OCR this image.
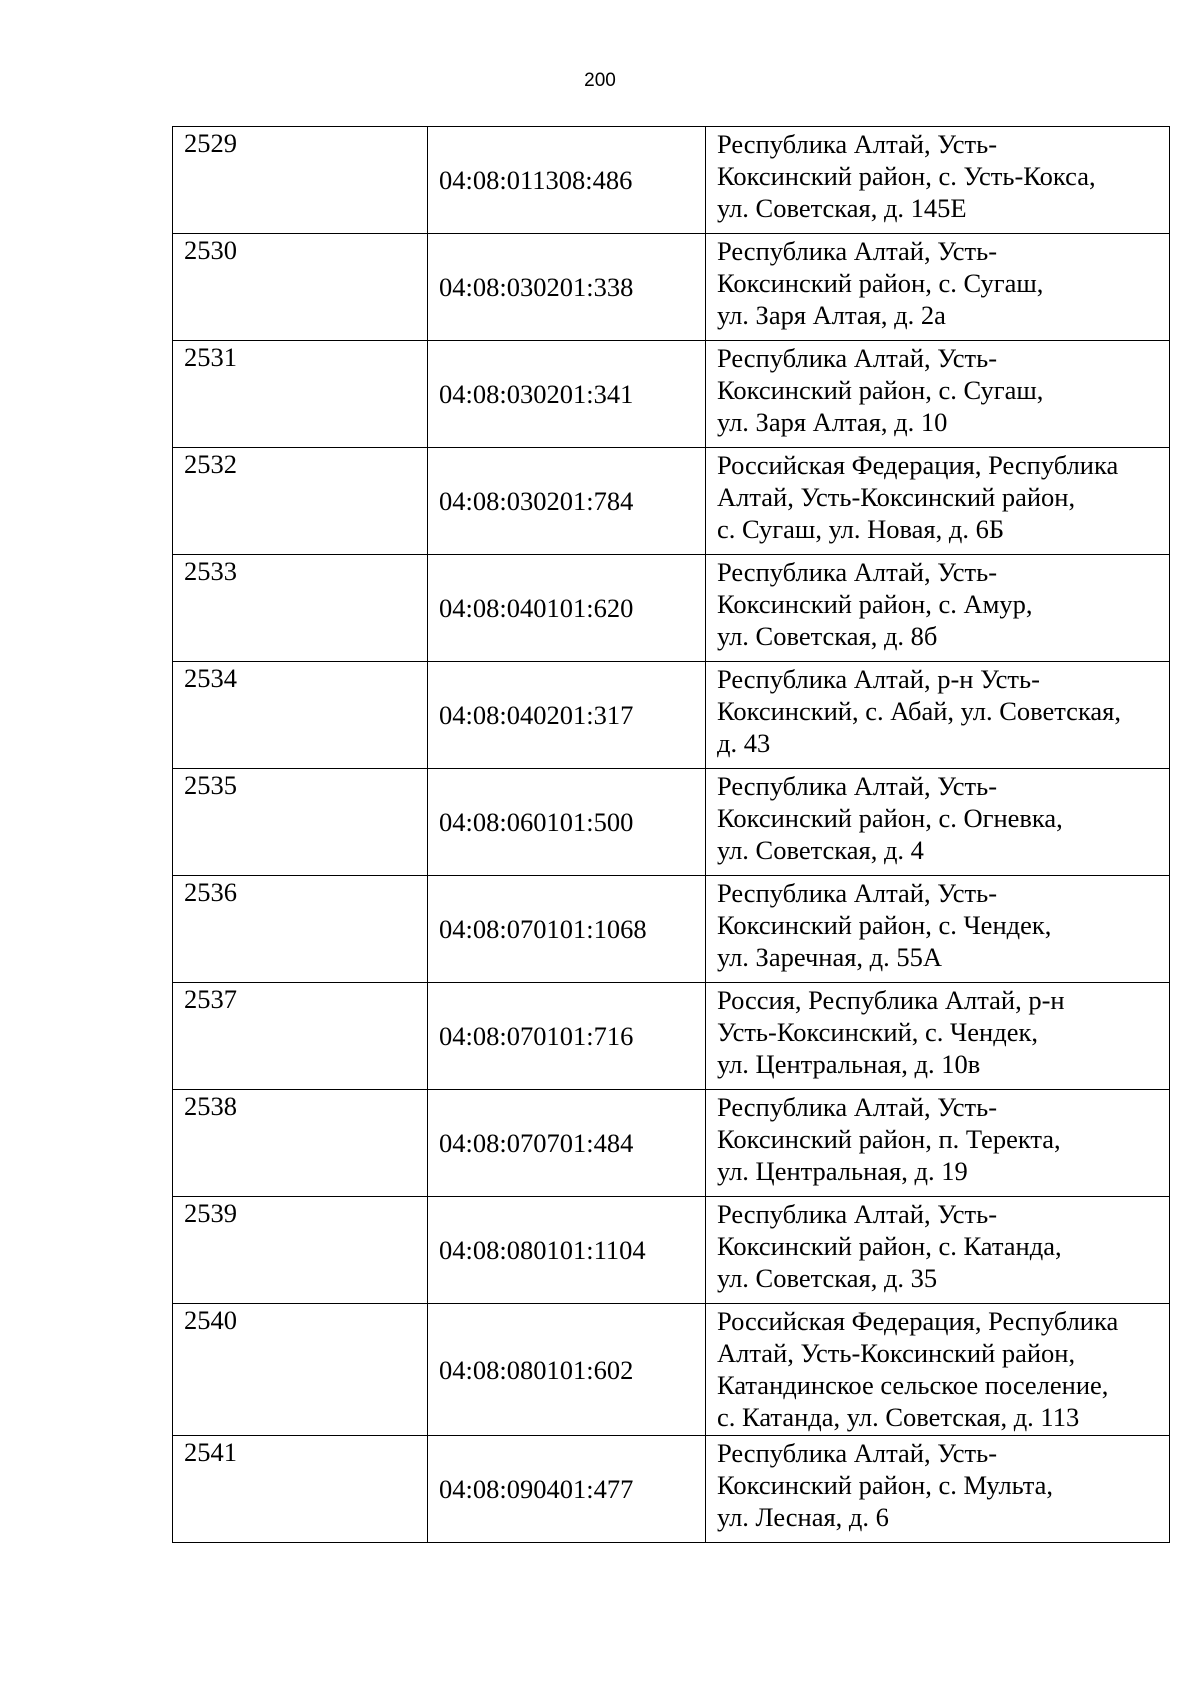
200
2529	04:08:011308:486	Республика Алтай, Усть-
Коксинский район, с. Усть-Кокса,
ул. Советская, д. 145Е

2530	04:08:030201:338	Республика Алтай, Усть-
Коксинский район, с. Сугаш,
ул. Заря Алтая, д. 2а

2531	04:08:030201:341	Республика Алтай, Усть-
Коксинский район, с. Сугаш,
ул. Заря Алтая, д. 10

2532	04:08:030201:784	Российская Федерация, Республика
Алтай, Усть-Коксинский район,
с. Сугаш, ул. Новая, д. 6Б

2533	04:08:040101:620	Республика Алтай, Усть-
Коксинский район, с. Амур,
ул. Советская, д. 8б

2534	04:08:040201:317	Республика Алтай, р-н Усть-
Коксинский, с. Абай, ул. Советская,
д. 43

2535	04:08:060101:500	Республика Алтай, Усть-
Коксинский район, с. Огневка,
ул. Советская, д. 4

2536	04:08:070101:1068	Республика Алтай, Усть-
Коксинский район, с. Чендек,
ул. Заречная, д. 55А

2537	04:08:070101:716	Россия, Республика Алтай, р-н
Усть-Коксинский, с. Чендек,
ул. Центральная, д. 10в

2538	04:08:070701:484	Республика Алтай, Усть-
Коксинский район, п. Теректа,
ул. Центральная, д. 19

2539	04:08:080101:1104	Республика Алтай, Усть-
Коксинский район, с. Катанда,
ул. Советская, д. 35

2540	04:08:080101:602	Российская Федерация, Республика
Алтай, Усть-Коксинский район,
Катандинское сельское поселение,
с. Катанда, ул. Советская, д. 113

2541	04:08:090401:477	Республика Алтай, Усть-
Коксинский район, с. Мульта,
ул. Лесная, д. 6
